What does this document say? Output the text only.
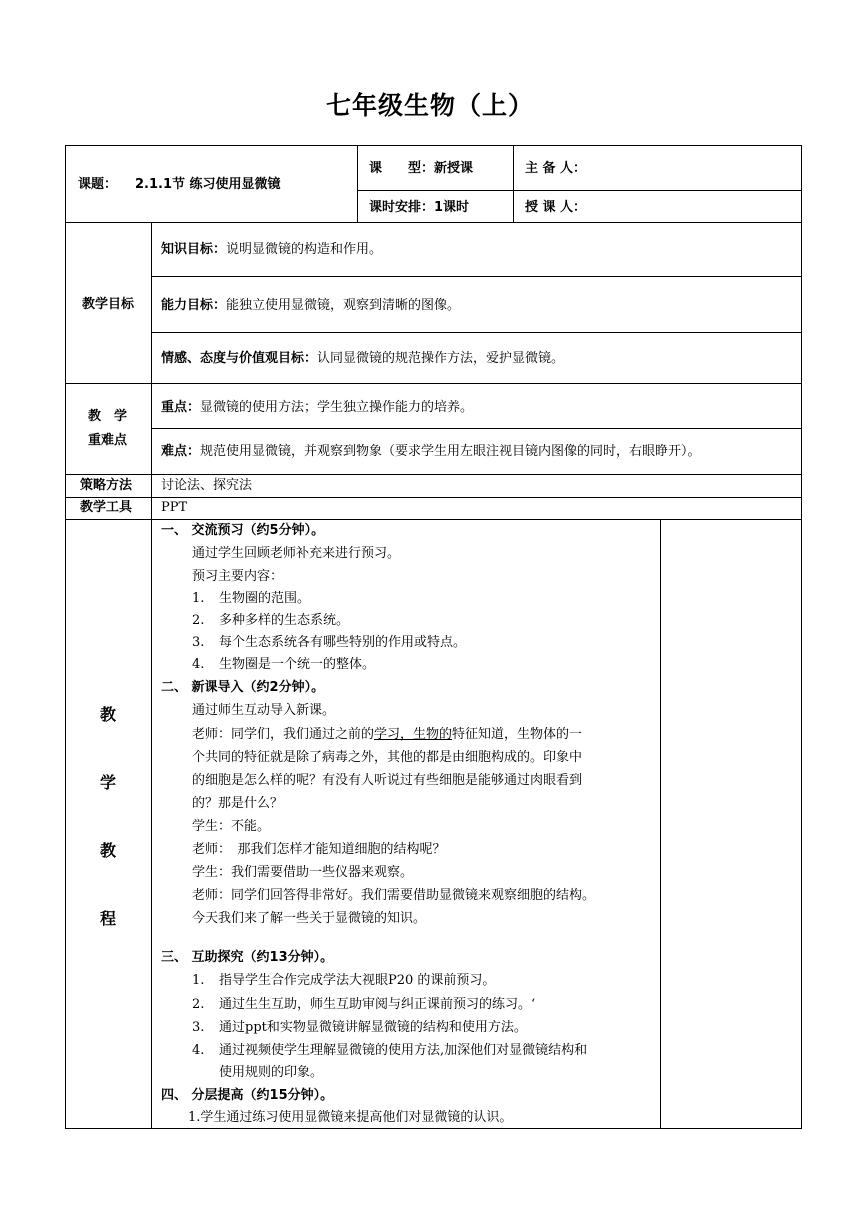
七年级生物（上）
课题： 2.1.1节 练习使用显微镜
课　　型：新授课	主 备 人：
课时安排：1课时	授 课 人：
教学目标
知识目标：说明显微镜的构造和作用。
能力目标：能独立使用显微镜，观察到清晰的图像。
情感、态度与价值观目标：认同显微镜的规范操作方法，爱护显微镜。
教　学
重难点
重点：显微镜的使用方法；学生独立操作能力的培养。
难点：规范使用显微镜，并观察到物象（要求学生用左眼注视目镜内图像的同时，右眼睁开）。
策略方法 讨论法、探究法
教学工具 PPT
教
学
教
程
一、 交流预习（约5分钟）。
通过学生回顾老师补充来进行预习。
预习主要内容：
1. 生物圈的范围。
2. 多种多样的生态系统。
3. 每个生态系统各有哪些特别的作用或特点。
4. 生物圈是一个统一的整体。
二、 新课导入（约2分钟）。
通过师生互动导入新课。
老师：同学们，我们通过之前的学习，生物的特征知道，生物体的一
个共同的特征就是除了病毒之外，其他的都是由细胞构成的。印象中
的细胞是怎么样的呢？有没有人听说过有些细胞是能够通过肉眼看到
的？那是什么？
学生：不能。
老师：　那我们怎样才能知道细胞的结构呢？
学生：我们需要借助一些仪器来观察。
老师：同学们回答得非常好。我们需要借助显微镜来观察细胞的结构。
今天我们来了解一些关于显微镜的知识。
三、 互助探究（约13分钟）。
1. 指导学生合作完成学法大视眼P20 的课前预习。
2. 通过生生互助，师生互助审阅与纠正课前预习的练习。‘
3. 通过ppt和实物显微镜讲解显微镜的结构和使用方法。
4. 通过视频使学生理解显微镜的使用方法,加深他们对显微镜结构和
使用规则的印象。
四、 分层提高（约15分钟）。
1.学生通过练习使用显微镜来提高他们对显微镜的认识。
